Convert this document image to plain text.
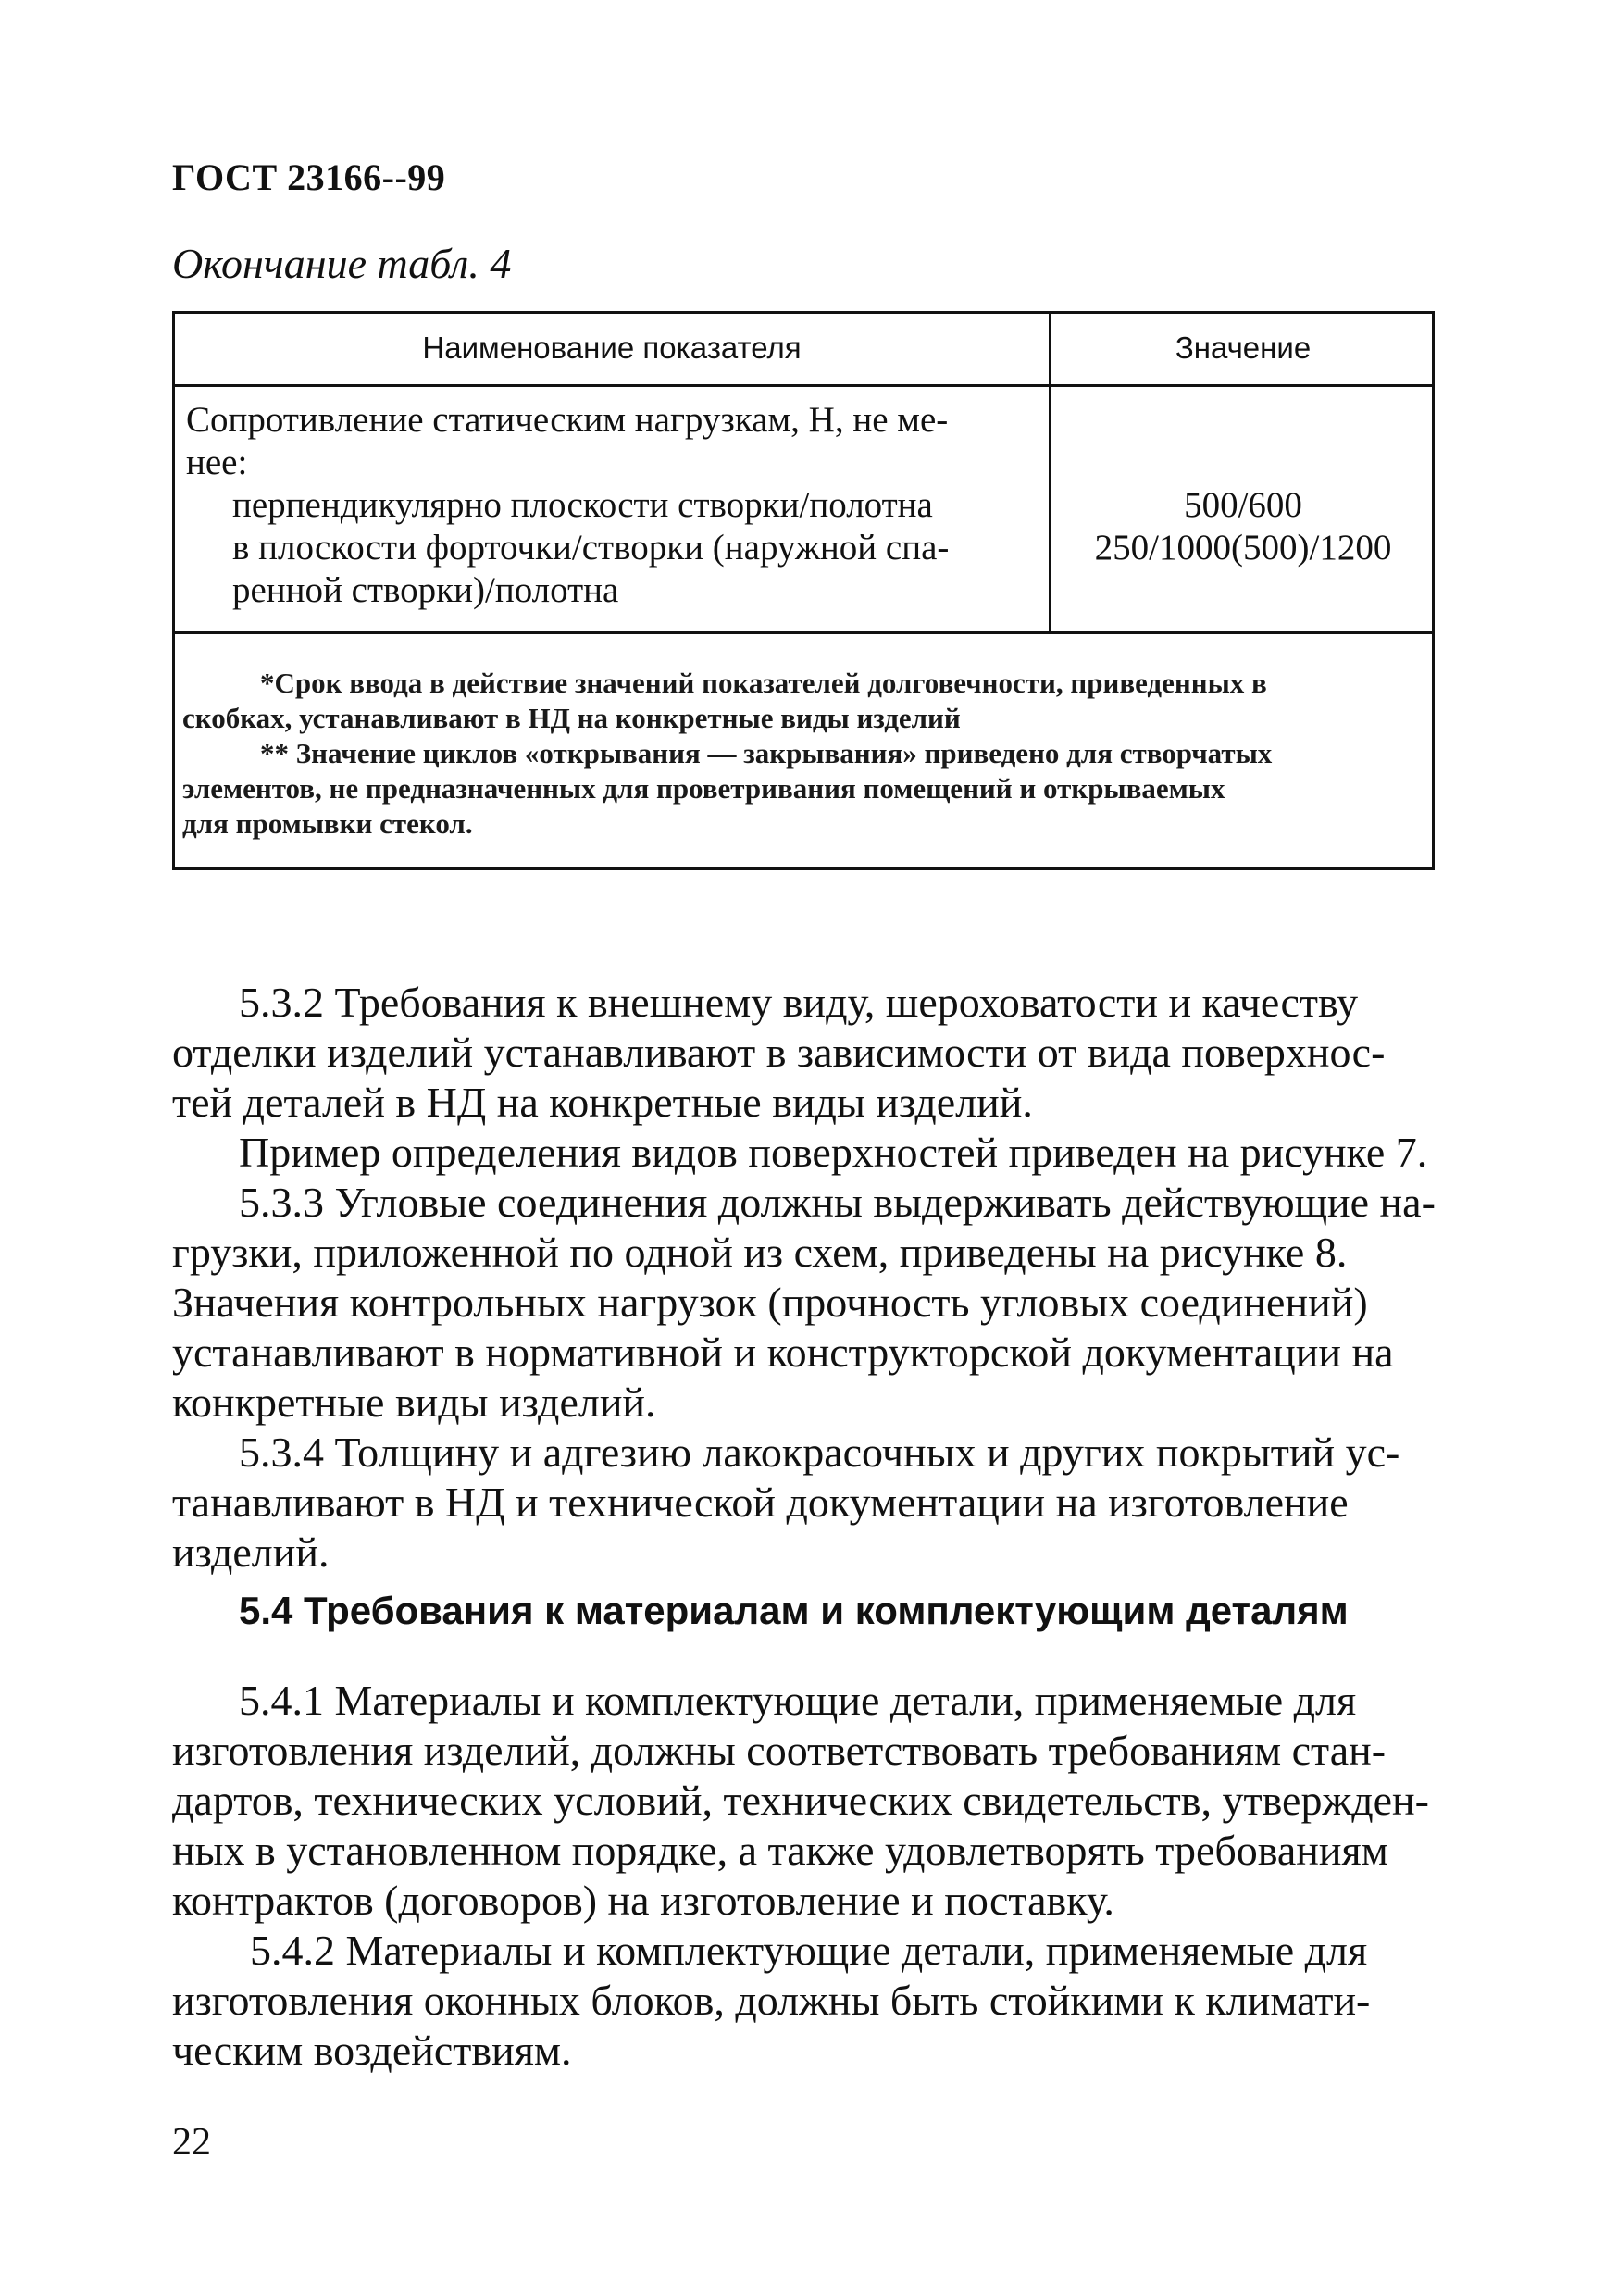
ГОСТ 23166--99
Окончание табл. 4
Наименование показателя	Значение
Сопротивление статическим нагрузкам, Н, не ме-
нее:
перпендикулярно плоскости створки/полотна
в плоскости форточки/створки (наружной спа-
ренной створки)/полотна
500/600
250/1000(500)/1200
*Срок ввода в действие значений показателей долговечности, приведенных в
скобках, устанавливают в НД на конкретные виды изделий
** Значение циклов «открывания — закрывания» приведено для створчатых
элементов, не предназначенных для проветривания помещений и открываемых
для промывки стекол.
5.3.2 Требования к внешнему виду, шероховатости и качеству
отделки изделий устанавливают в зависимости от вида поверхнос-
тей деталей в НД на конкретные виды изделий.
Пример определения видов поверхностей приведен на рисунке 7.
5.3.3 Угловые соединения должны выдерживать действующие на-
грузки, приложенной по одной из схем, приведены на рисунке 8.
Значения контрольных нагрузок (прочность угловых соединений)
устанавливают в нормативной и конструкторской документации на
конкретные виды изделий.
5.3.4 Толщину и адгезию лакокрасочных и других покрытий ус-
танавливают в НД и технической документации на изготовление
изделий.
5.4 Требования к материалам и комплектующим деталям
5.4.1 Материалы и комплектующие детали, применяемые для
изготовления изделий, должны соответствовать требованиям стан-
дартов, технических условий, технических свидетельств, утвержден-
ных в установленном порядке, а также удовлетворять требованиям
контрактов (договоров) на изготовление и поставку.
5.4.2 Материалы и комплектующие детали, применяемые для
изготовления оконных блоков, должны быть стойкими к климати-
ческим воздействиям.
22
